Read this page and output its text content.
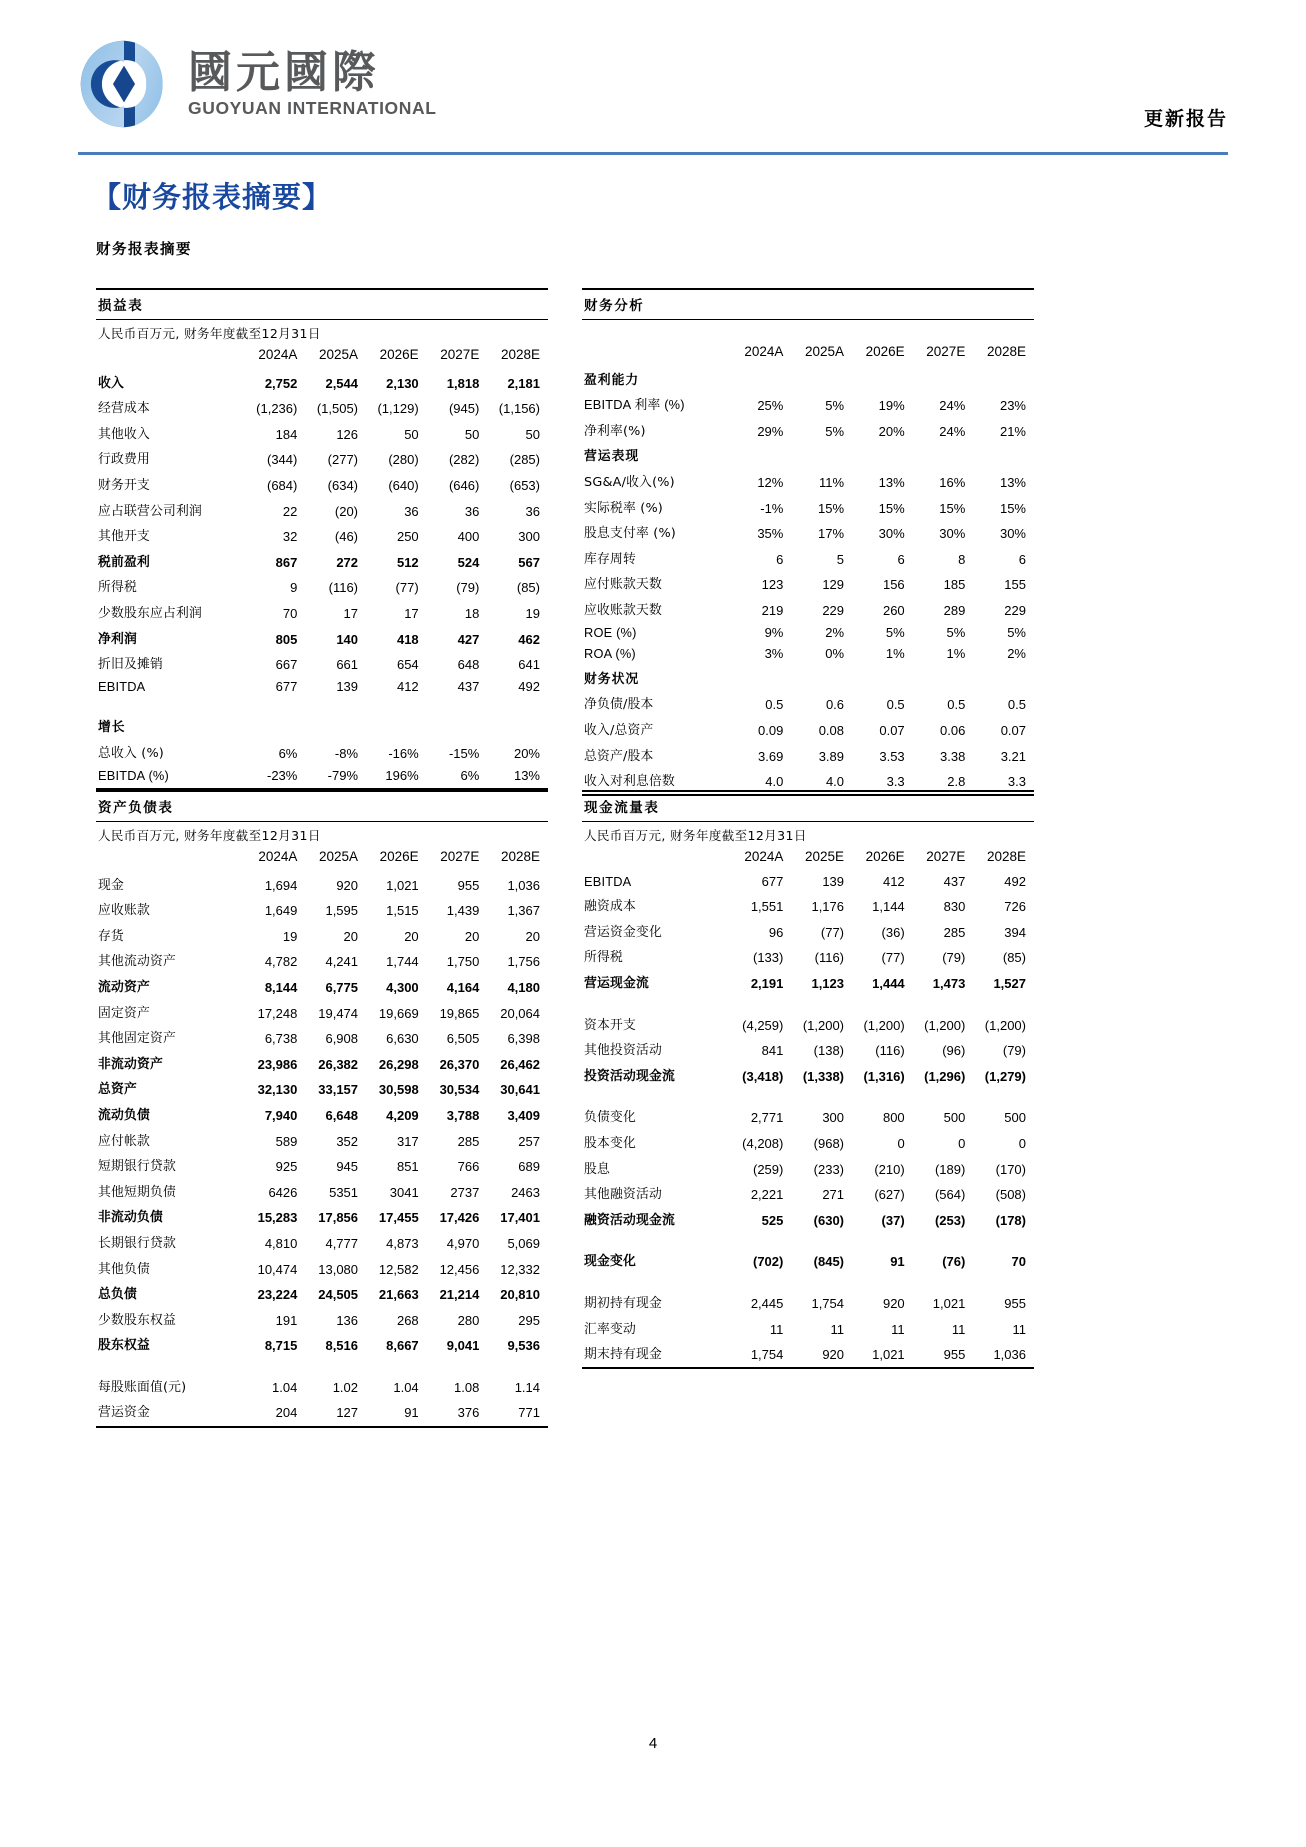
國元國際
GUOYUAN INTERNATIONAL
更新报告
【财务报表摘要】
财务报表摘要
损益表
人民币百万元, 财务年度截至12月31日
	2024A	2025A	2026E	2027E	2028E
收入	2,752	2,544	2,130	1,818	2,181
经营成本	(1,236)	(1,505)	(1,129)	(945)	(1,156)
其他收入	184	126	50	50	50
行政费用	(344)	(277)	(280)	(282)	(285)
财务开支	(684)	(634)	(640)	(646)	(653)
应占联营公司利润	22	(20)	36	36	36
其他开支	32	(46)	250	400	300
税前盈利	867	272	512	524	567
所得税	9	(116)	(77)	(79)	(85)
少数股东应占利润	70	17	17	18	19
净利润	805	140	418	427	462
折旧及摊销	667	661	654	648	641
EBITDA	677	139	412	437	492

增长					
总收入 (%)	6%	-8%	-16%	-15%	20%
EBITDA (%)	-23%	-79%	196%	6%	13%
财务分析

	2024A	2025A	2026E	2027E	2028E
盈利能力					
EBITDA 利率 (%)	25%	5%	19%	24%	23%
净利率(%)	29%	5%	20%	24%	21%
营运表现					
SG&A/收入(%)	12%	11%	13%	16%	13%
实际税率 (%)	-1%	15%	15%	15%	15%
股息支付率 (%)	35%	17%	30%	30%	30%
库存周转	6	5	6	8	6
应付账款天数	123	129	156	185	155
应收账款天数	219	229	260	289	229
ROE (%)	9%	2%	5%	5%	5%
ROA (%)	3%	0%	1%	1%	2%
财务状况					
净负债/股本	0.5	0.6	0.5	0.5	0.5
收入/总资产	0.09	0.08	0.07	0.06	0.07
总资产/股本	3.69	3.89	3.53	3.38	3.21
收入对利息倍数	4.0	4.0	3.3	2.8	3.3
资产负债表
人民币百万元, 财务年度截至12月31日
	2024A	2025A	2026E	2027E	2028E
现金	1,694	920	1,021	955	1,036
应收账款	1,649	1,595	1,515	1,439	1,367
存货	19	20	20	20	20
其他流动资产	4,782	4,241	1,744	1,750	1,756
流动资产	8,144	6,775	4,300	4,164	4,180
固定资产	17,248	19,474	19,669	19,865	20,064
其他固定资产	6,738	6,908	6,630	6,505	6,398
非流动资产	23,986	26,382	26,298	26,370	26,462
总资产	32,130	33,157	30,598	30,534	30,641
流动负债	7,940	6,648	4,209	3,788	3,409
应付帐款	589	352	317	285	257
短期银行贷款	925	945	851	766	689
其他短期负债	6426	5351	3041	2737	2463
非流动负债	15,283	17,856	17,455	17,426	17,401
长期银行贷款	4,810	4,777	4,873	4,970	5,069
其他负债	10,474	13,080	12,582	12,456	12,332
总负债	23,224	24,505	21,663	21,214	20,810
少数股东权益	191	136	268	280	295
股东权益	8,715	8,516	8,667	9,041	9,536

每股账面值(元)	1.04	1.02	1.04	1.08	1.14
营运资金	204	127	91	376	771
现金流量表
人民币百万元, 财务年度截至12月31日
	2024A	2025E	2026E	2027E	2028E
EBITDA	677	139	412	437	492
融资成本	1,551	1,176	1,144	830	726
营运资金变化	96	(77)	(36)	285	394
所得税	(133)	(116)	(77)	(79)	(85)
营运现金流	2,191	1,123	1,444	1,473	1,527

资本开支	(4,259)	(1,200)	(1,200)	(1,200)	(1,200)
其他投资活动	841	(138)	(116)	(96)	(79)
投资活动现金流	(3,418)	(1,338)	(1,316)	(1,296)	(1,279)

负债变化	2,771	300	800	500	500
股本变化	(4,208)	(968)	0	0	0
股息	(259)	(233)	(210)	(189)	(170)
其他融资活动	2,221	271	(627)	(564)	(508)
融资活动现金流	525	(630)	(37)	(253)	(178)

现金变化	(702)	(845)	91	(76)	70

期初持有现金	2,445	1,754	920	1,021	955
汇率变动	11	11	11	11	11
期末持有现金	1,754	920	1,021	955	1,036
4
